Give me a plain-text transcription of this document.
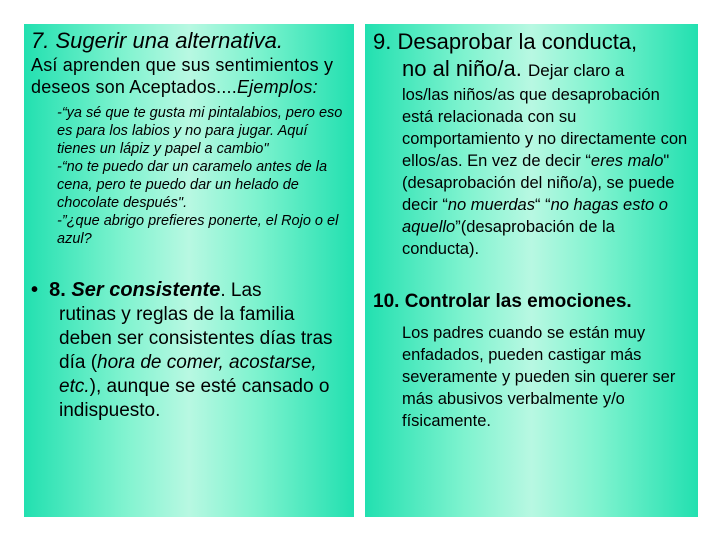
7. Sugerir una alternativa.

Así aprenden que sus sentimientos y deseos son Aceptados....Ejemplos:

-“ya sé que te gusta mi pintalabios, pero eso es para los labios y no para jugar. Aquí tienes un lápiz y papel a cambio"

-“no te puedo dar un caramelo antes de la cena, pero te puedo dar un helado de chocolate después".

-”¿que abrigo prefieres ponerte, el Rojo o el azul?

• 8. Ser consistente. Las
rutinas y reglas de la familia deben ser consistentes días tras día (hora de comer, acostarse, etc.), aunque se esté cansado o indispuesto.

9. Desaprobar la conducta,
no al niño/a. Dejar claro a

los/las niños/as que desaprobación está relacionada con su comportamiento y no directamente con ellos/as. En vez de decir “eres malo" (desaprobación del niño/a), se puede decir “no muerdas“ “no hagas esto o aquello”(desaprobación de la conducta).

10. Controlar las emociones.

Los padres cuando se están muy enfadados, pueden castigar más severamente y pueden sin querer ser más abusivos verbalmente y/o físicamente.
